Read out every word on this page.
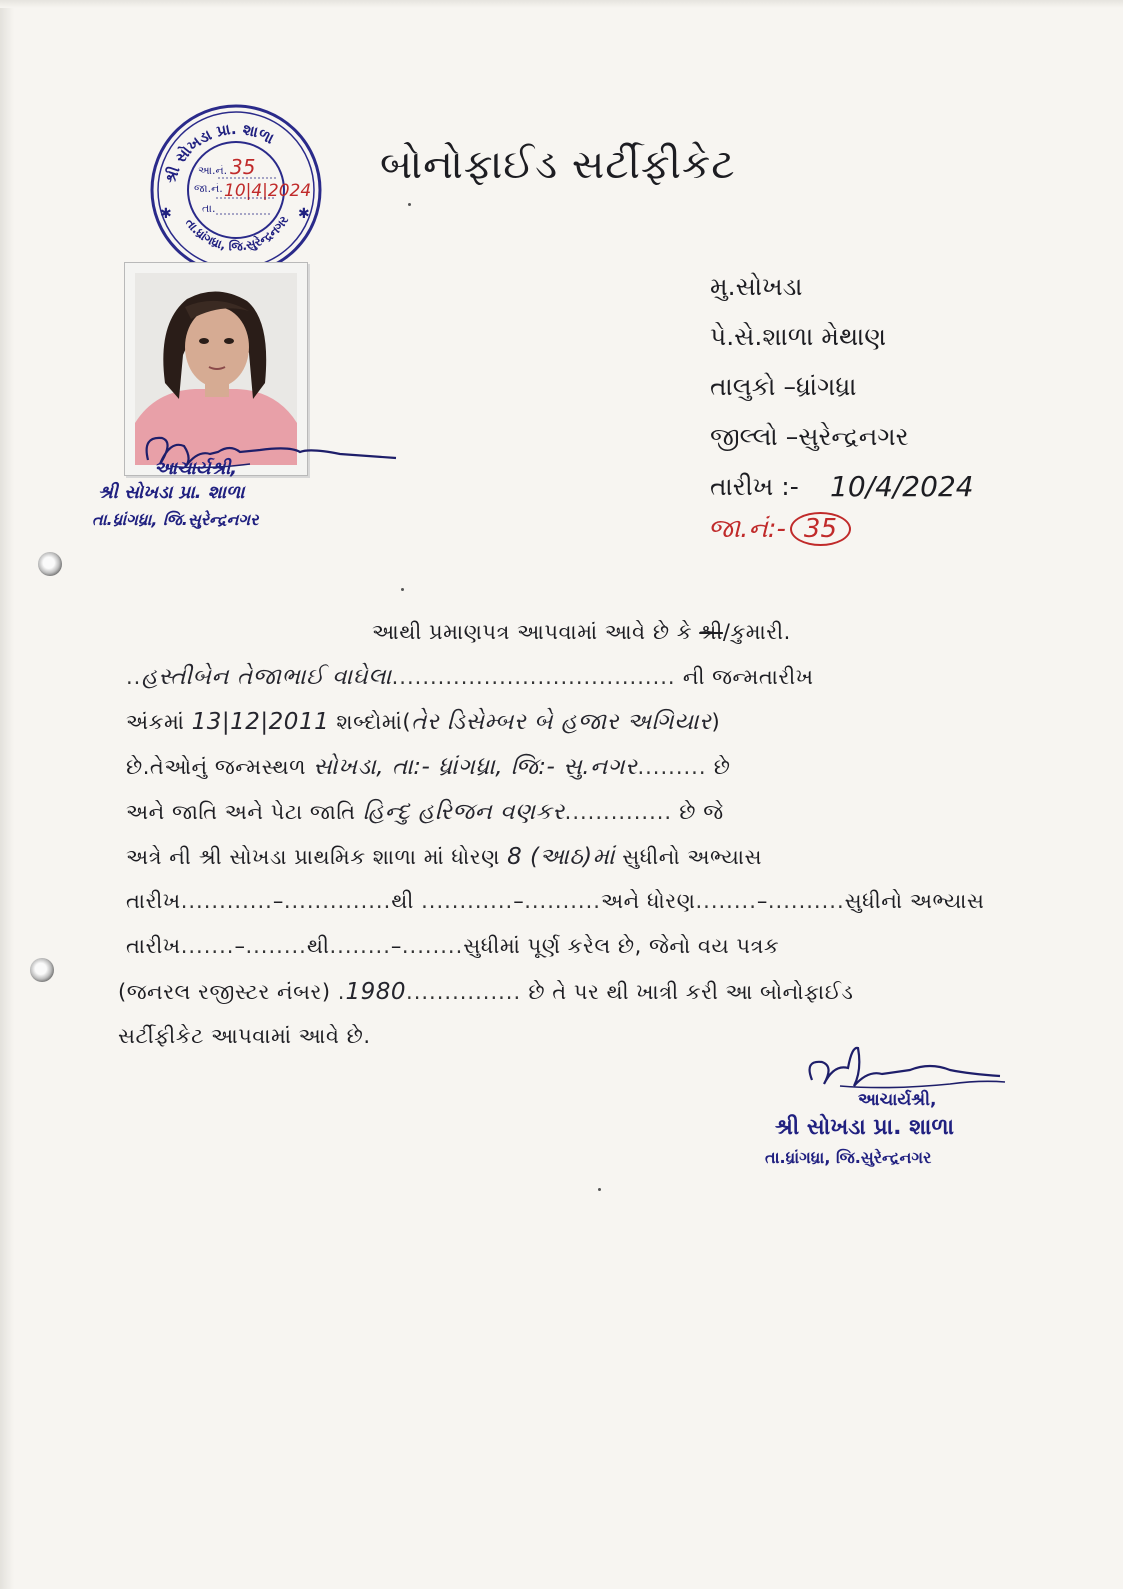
શ્રી સોખડા પ્રા. શાળા
તા.ધ્રાંગધ્રા, જિ.સુરેન્દ્રનગર
✱	✱
આ.નં. 35
જા.નં. 10|4|2024
તા.
બોનોફાઈડ સર્ટીફીકેટ
આચાર્યશ્રી,
શ્રી સોખડા પ્રા. શાળા
તા.ધ્રાંગધ્રા, જિ.સુરેન્દ્રનગર
મુ.સોખડા
પે.સે.શાળા મેથાણ
તાલુકો –ધ્રાંગધ્રા
જીલ્લો –સુરેન્દ્રનગર
તારીખ :- 10/4/2024
જા.નં:- 35
આથી પ્રમાણપત્ર આપવામાં આવે છે કે શ્રી/કુમારી.
..હસ્તીબેન તેજાભાઈ વાઘેલા..................................... ની જન્મતારીખ
અંકમાં 13|12|2011 શબ્દોમાં(તેર ડિસેમ્બર બે હજાર અગિયાર)
છે.તેઓનું જન્મસ્થળ સોખડા, તા:- ધ્રાંગધ્રા, જિ:- સુ.નગર......... છે
અને જાતિ અને પેટા જાતિ હિન્દુ હરિજન વણકર.............. છે જે
અત્રે ની શ્રી સોખડા પ્રાથમિક શાળા માં ધોરણ 8 (આઠ)માં સુધીનો અભ્યાસ
તારીખ............–..............થી ............–..........અને ધોરણ........–..........સુધીનો અભ્યાસ
તારીખ.......–........થી........–........સુધીમાં પૂર્ણ કરેલ છે, જેનો વય પત્રક
(જનરલ રજીસ્ટર નંબર) .1980............... છે તે પર થી ખાત્રી કરી આ બોનોફાઈડ
સર્ટીફીકેટ આપવામાં આવે છે.
આચાર્યશ્રી,
શ્રી સોખડા પ્રા. શાળા
તા.ધ્રાંગધ્રા, જિ.સુરેન્દ્રનગર
